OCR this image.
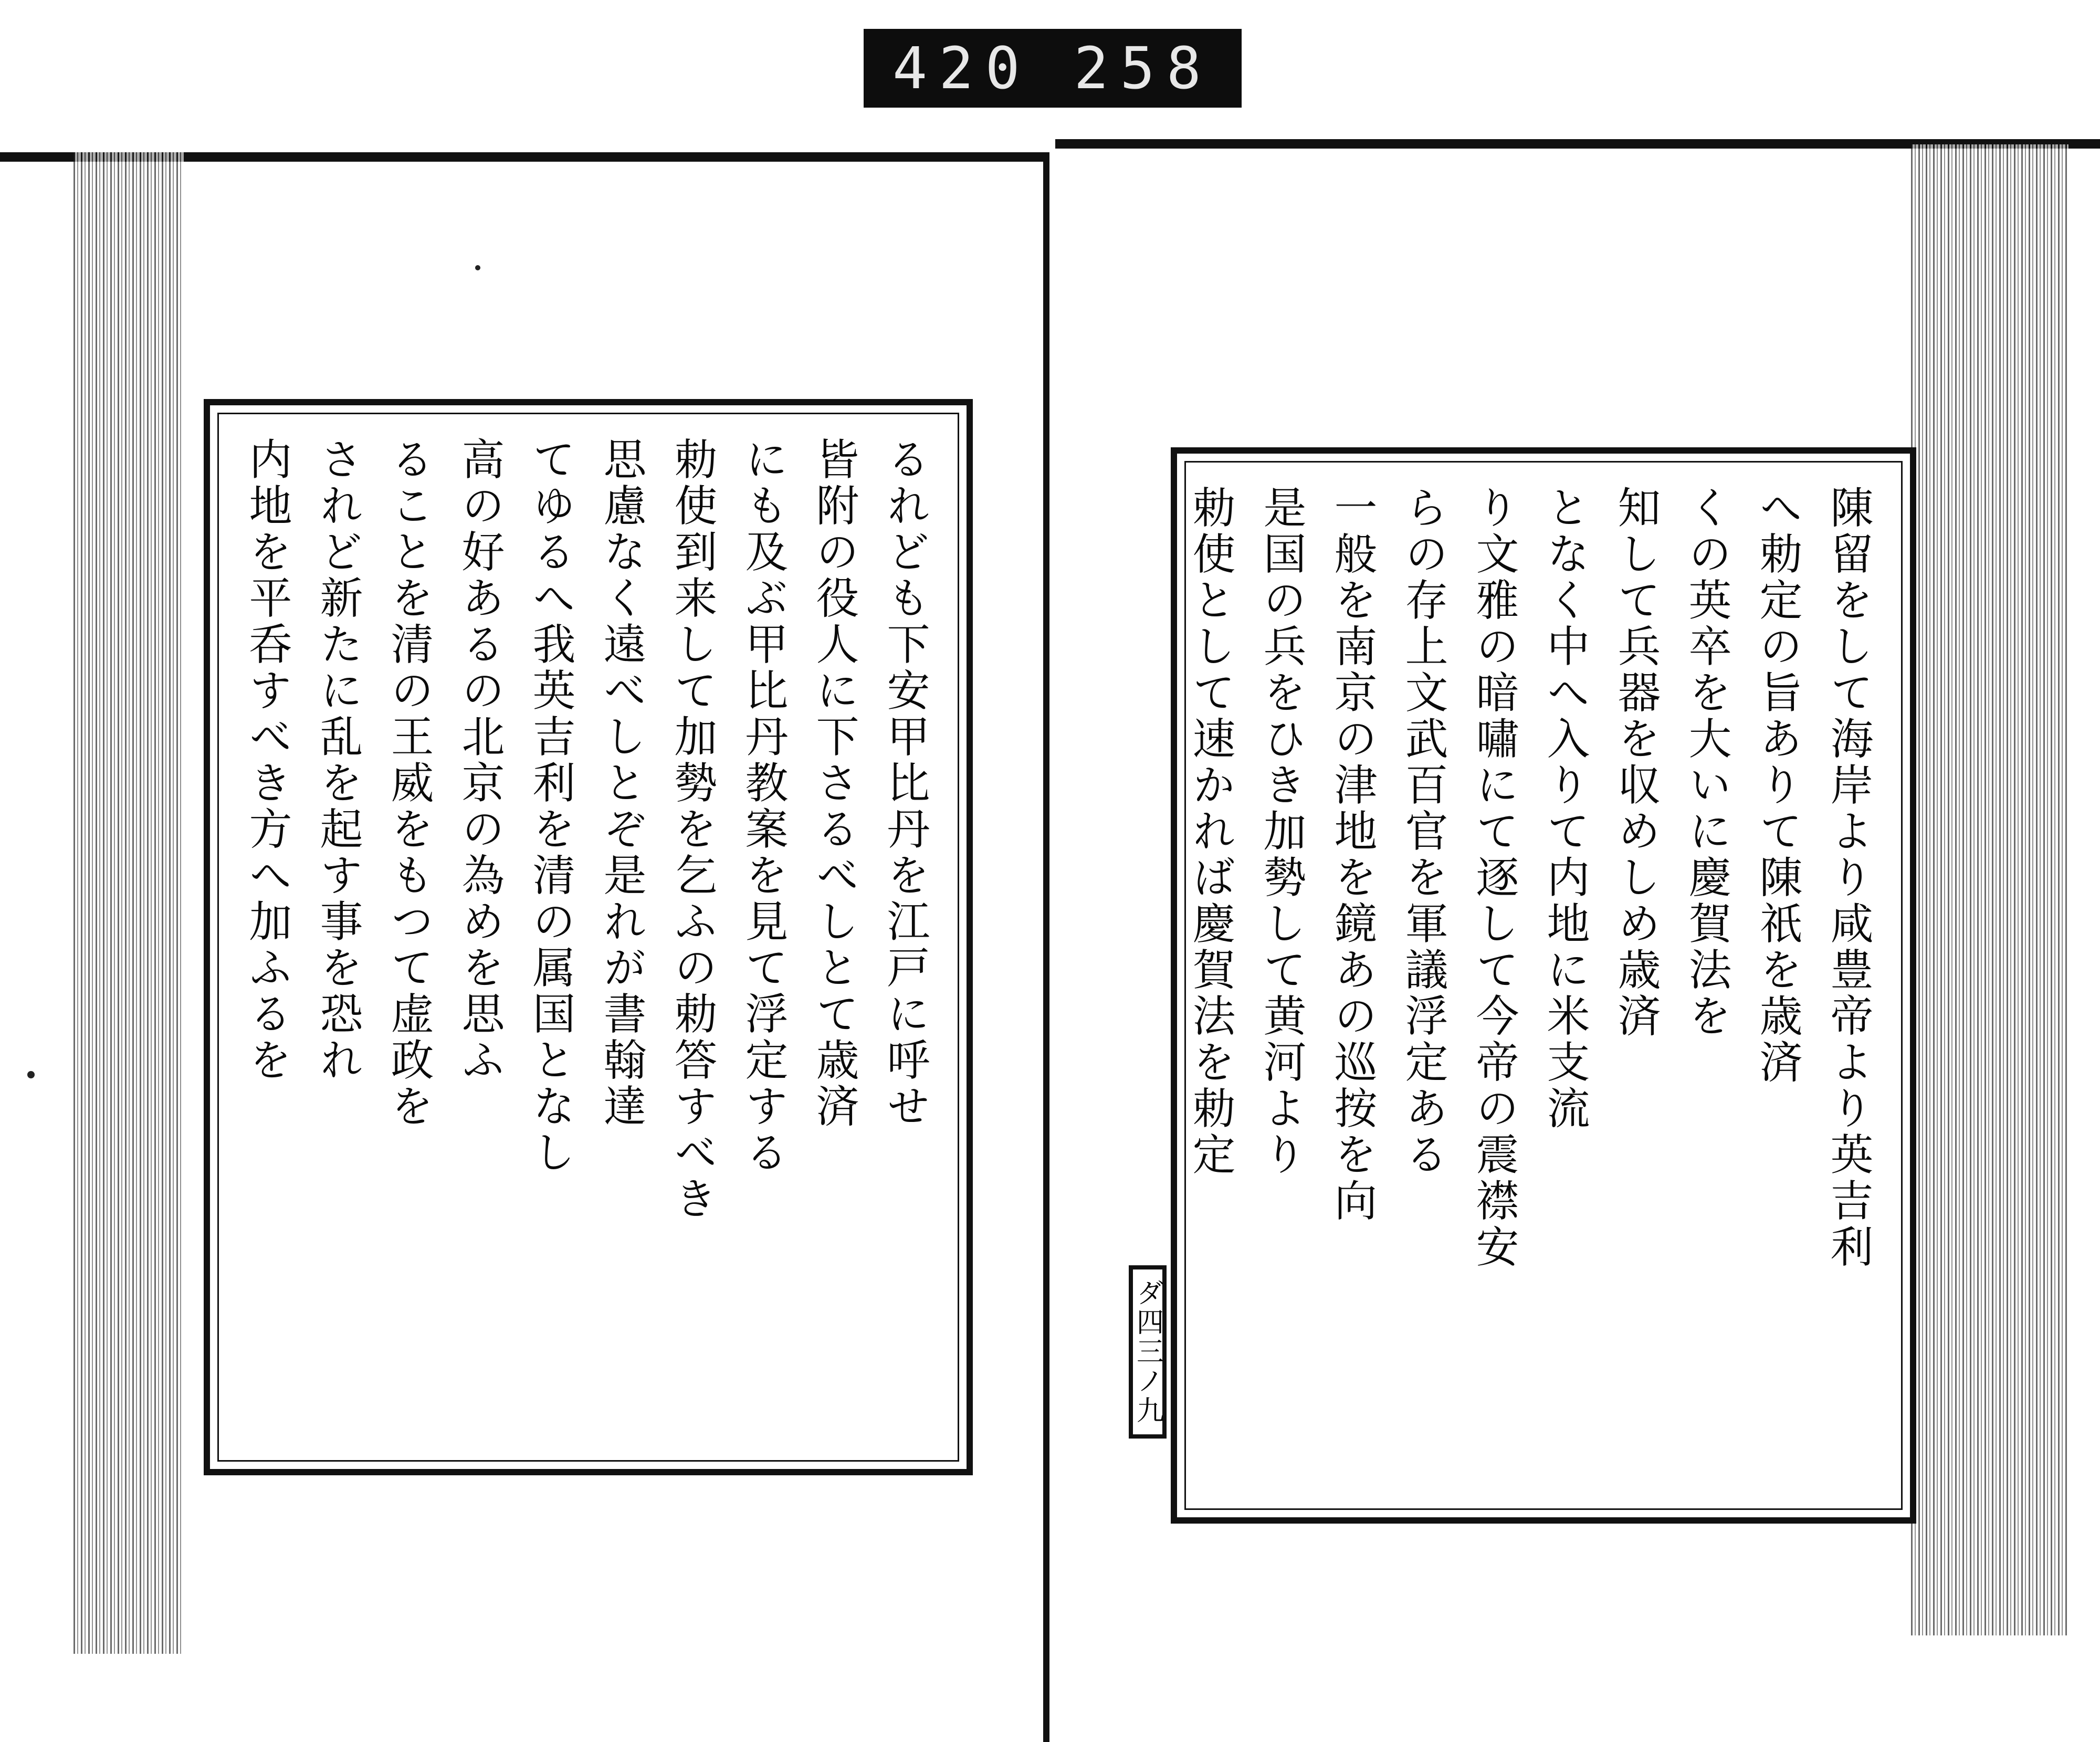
420 258
るれども下安甲比丹を江戸に呼せ
皆附の役人に下さるべしとて歳済
にも及ぶ甲比丹教案を見て浮定する
勅使到来して加勢を乞ふの勅答すべき
思慮なく遠べしとぞ是れが書翰達
てゆるへ我英吉利を清の属国となし
高の好あるの北京の為めを思ふ
ることを清の王威をもつて虚政を
されど新たに乱を起す事を恐れ
内地を平呑すべき方へ加ふるを	陳留をして海岸より咸豊帝より英吉利
へ勅定の旨ありて陳祇を歳済
くの英卒を大いに慶賀法を
知して兵器を収めしめ歳済
となく中へ入りて内地に米支流
り文雅の暗嘯にて逐して今帝の震襟安
らの存上文武百官を軍議浮定ある
一般を南京の津地を鏡あの巡按を向
是国の兵をひき加勢して黄河より
勅使として速かれば慶賀法を勅定
ダ四三ノ九
